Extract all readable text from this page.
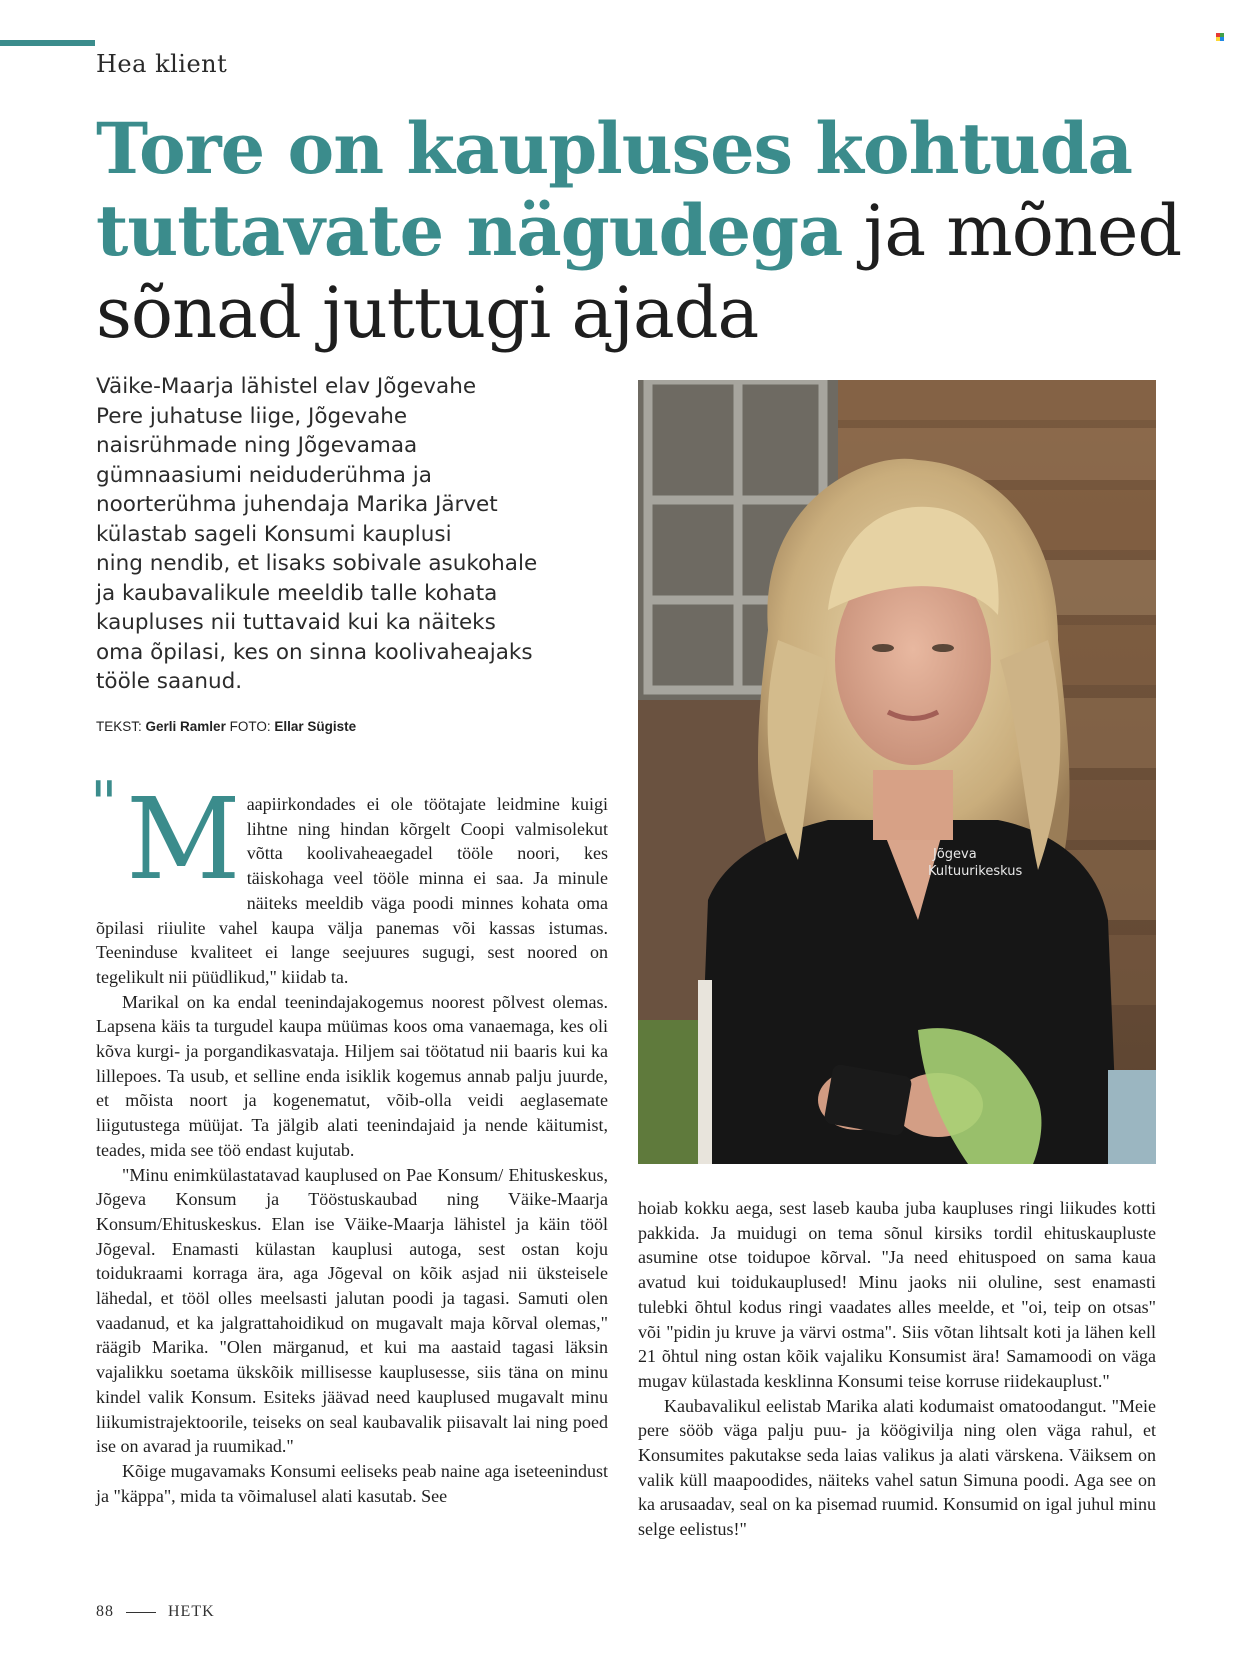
Hea klient
Tore on kaupluses kohtuda tuttavate nägudega ja mõned
sõnad juttugi ajada
Väike-Maarja lähistel elav Jõgevahe
Pere juhatuse liige, Jõgevahe
naisrühmade ning Jõgevamaa
gümnaasiumi neiduderühma ja
noorterühma juhendaja Marika Järvet
külastab sageli Konsumi kauplusi
ning nendib, et lisaks sobivale asukohale
ja kaubavalikule meeldib talle kohata
kaupluses nii tuttavaid kui ka näiteks
oma õpilasi, kes on sinna koolivaheajaks
tööle saanud.
TEKST: Gerli Ramler FOTO: Ellar Sügiste
Jõgeva
Kultuurikeskus
" Maapiirkondades ei ole töötajate leidmine kuigi lihtne ning hindan kõrgelt Coopi valmisolekut võtta koolivaheaegadel tööle noori, kes täiskohaga veel tööle minna ei saa. Ja minule näiteks meeldib väga poodi minnes kohata oma õpilasi riiulite vahel kaupa välja panemas või kassas istumas. Teeninduse kvaliteet ei lange seejuures sugugi, sest noored on tegelikult nii püüdlikud," kiidab ta.

Marikal on ka endal teenindajakogemus noorest põlvest olemas. Lapsena käis ta turgudel kaupa müümas koos oma vanaemaga, kes oli kõva kurgi- ja porgandikasvataja. Hiljem sai töötatud nii baaris kui ka lillepoes. Ta usub, et selline enda isiklik kogemus annab palju juurde, et mõista noort ja kogenematut, võib-olla veidi aeglasemate liigutustega müüjat. Ta jälgib alati teenindajaid ja nende käitumist, teades, mida see töö endast kujutab.

"Minu enimkülastatavad kauplused on Pae Konsum/ Ehituskeskus, Jõgeva Konsum ja Tööstuskaubad ning Väike-Maarja Konsum/Ehituskeskus. Elan ise Väike-Maarja lähistel ja käin tööl Jõgeval. Enamasti külastan kauplusi autoga, sest ostan koju toidukraami korraga ära, aga Jõgeval on kõik asjad nii üksteisele lähedal, et tööl olles meelsasti jalutan poodi ja tagasi. Samuti olen vaadanud, et ka jalgrattahoidikud on mugavalt maja kõrval olemas," räägib Marika. "Olen märganud, et kui ma aastaid tagasi läksin vajalikku soetama ükskõik millisesse kauplusesse, siis täna on minu kindel valik Konsum. Esiteks jäävad need kauplused mugavalt minu liikumistrajektoorile, teiseks on seal kaubavalik piisavalt lai ning poed ise on avarad ja ruumikad."

Kõige mugavamaks Konsumi eeliseks peab naine aga iseteenindust ja "käppa", mida ta võimalusel alati kasutab. See

hoiab kokku aega, sest laseb kauba juba kaupluses ringi liikudes kotti pakkida. Ja muidugi on tema sõnul kirsiks tordil ehituskaupluste asumine otse toidupoe kõrval. "Ja need ehituspoed on sama kaua avatud kui toidukauplused! Minu jaoks nii oluline, sest enamasti tulebki õhtul kodus ringi vaadates alles meelde, et "oi, teip on otsas" või "pidin ju kruve ja värvi ostma". Siis võtan lihtsalt koti ja lähen kell 21 õhtul ning ostan kõik vajaliku Konsumist ära! Samamoodi on väga mugav külastada kesklinna Konsumi teise korruse riidekauplust."

Kaubavalikul eelistab Marika alati kodumaist omatoodangut. "Meie pere sööb väga palju puu- ja köögivilja ning olen väga rahul, et Konsumites pakutakse seda laias valikus ja alati värskena. Väiksem on valik küll maapoodides, näiteks vahel satun Simuna poodi. Aga see on ka arusaadav, seal on ka pisemad ruumid. Konsumid on igal juhul minu selge eelistus!"

88	HETK
